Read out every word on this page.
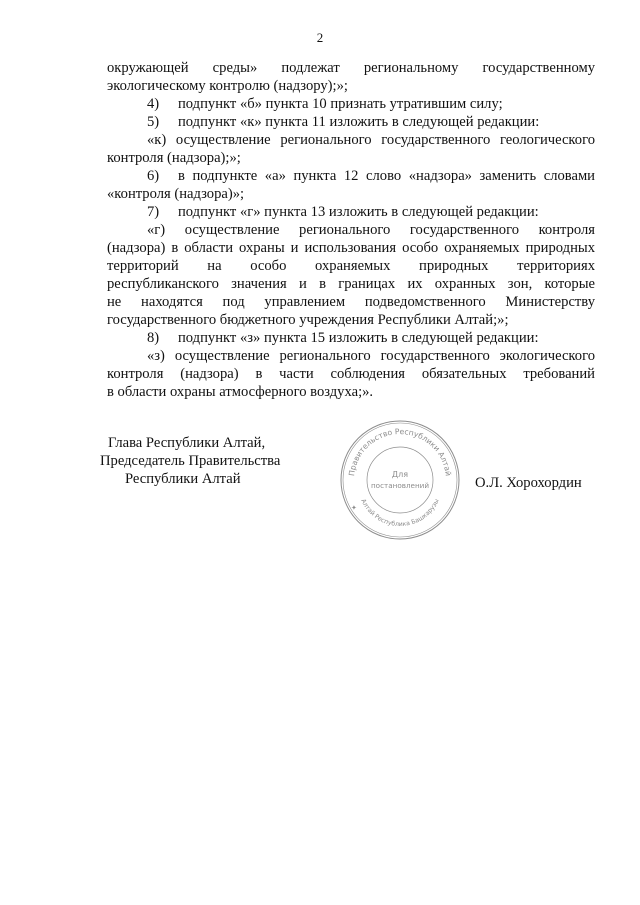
2
окружающей среды» подлежат региональному государственному
экологическому контролю (надзору);»;
4) подпункт «б» пункта 10 признать утратившим силу;
5) подпункт «к» пункта 11 изложить в следующей редакции:
«к) осуществление регионального государственного геологического
контроля (надзора);»;
6) в подпункте «а» пункта 12 слово «надзора» заменить словами
«контроля (надзора)»;
7) подпункт «г» пункта 13 изложить в следующей редакции:
«г) осуществление регионального государственного контроля
(надзора) в области охраны и использования особо охраняемых природных
территорий на особо охраняемых природных территориях
республиканского значения и в границах их охранных зон, которые
не находятся под управлением подведомственного Министерству
государственного бюджетного учреждения Республики Алтай;»;
8) подпункт «з» пункта 15 изложить в следующей редакции:
«з) осуществление регионального государственного экологического
контроля (надзора) в части соблюдения обязательных требований
в области охраны атмосферного воздуха;».
Глава Республики Алтай,
Председатель Правительства
Республики Алтай	О.Л. Хорохордин
Правительство Республики Алтай
Алтай Республика Башкарузы
Для
постановлений
✦
